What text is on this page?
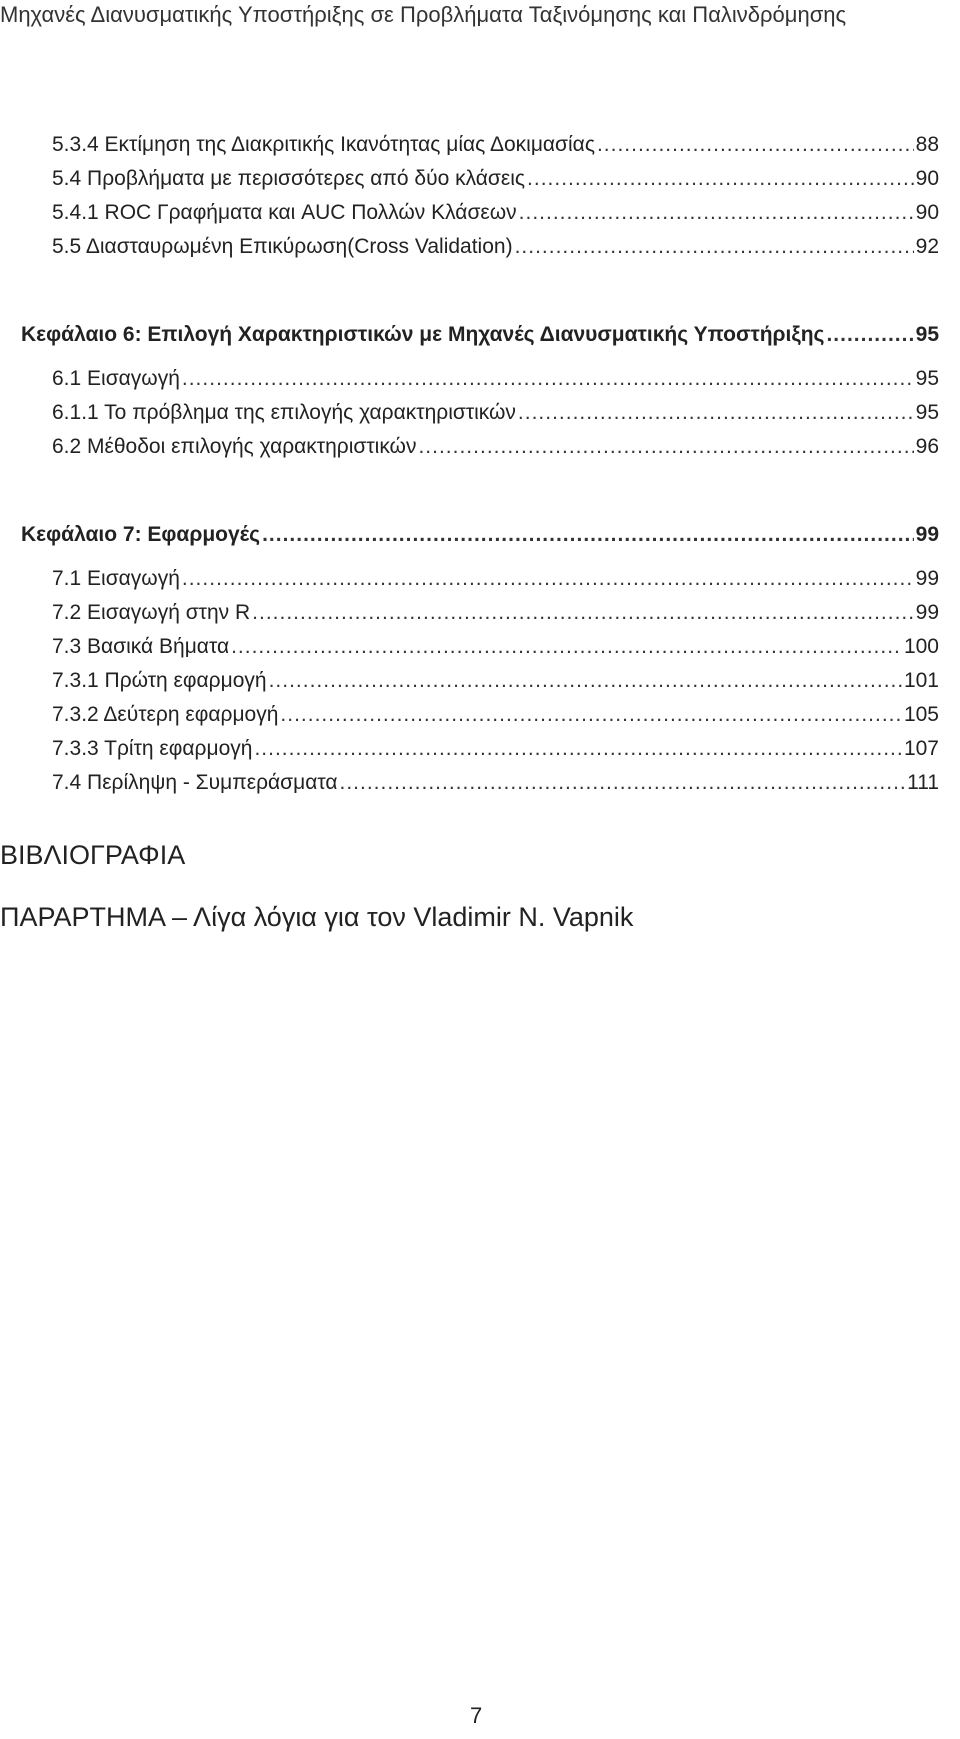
Μηχανές Διανυσματικής Υποστήριξης σε Προβλήματα Ταξινόμησης και Παλινδρόμησης
5.3.4 Εκτίμηση της Διακριτικής Ικανότητας μίας Δοκιμασίας .....	88
5.4 Προβλήματα με περισσότερες από δύο κλάσεις .....	90
5.4.1 ROC Γραφήματα και AUC Πολλών Κλάσεων .....	90
5.5 Διασταυρωμένη Επικύρωση(Cross Validation) .....	92
Κεφάλαιο 6: Επιλογή Χαρακτηριστικών με Μηχανές Διανυσματικής Υποστήριξης .....	95
6.1 Εισαγωγή .....	95
6.1.1 Το πρόβλημα της επιλογής χαρακτηριστικών .....	95
6.2 Μέθοδοι επιλογής χαρακτηριστικών .....	96
Κεφάλαιο 7: Εφαρμογές .....	99
7.1 Εισαγωγή .....	99
7.2 Εισαγωγή στην R .....	99
7.3 Βασικά Βήματα .....	100
7.3.1 Πρώτη εφαρμογή .....	101
7.3.2 Δεύτερη εφαρμογή .....	105
7.3.3 Τρίτη εφαρμογή .....	107
7.4 Περίληψη - Συμπεράσματα .....	111
ΒΙΒΛΙΟΓΡΑΦΙΑ
ΠΑΡΑΡΤΗΜΑ – Λίγα λόγια για τον Vladimir N. Vapnik
7
